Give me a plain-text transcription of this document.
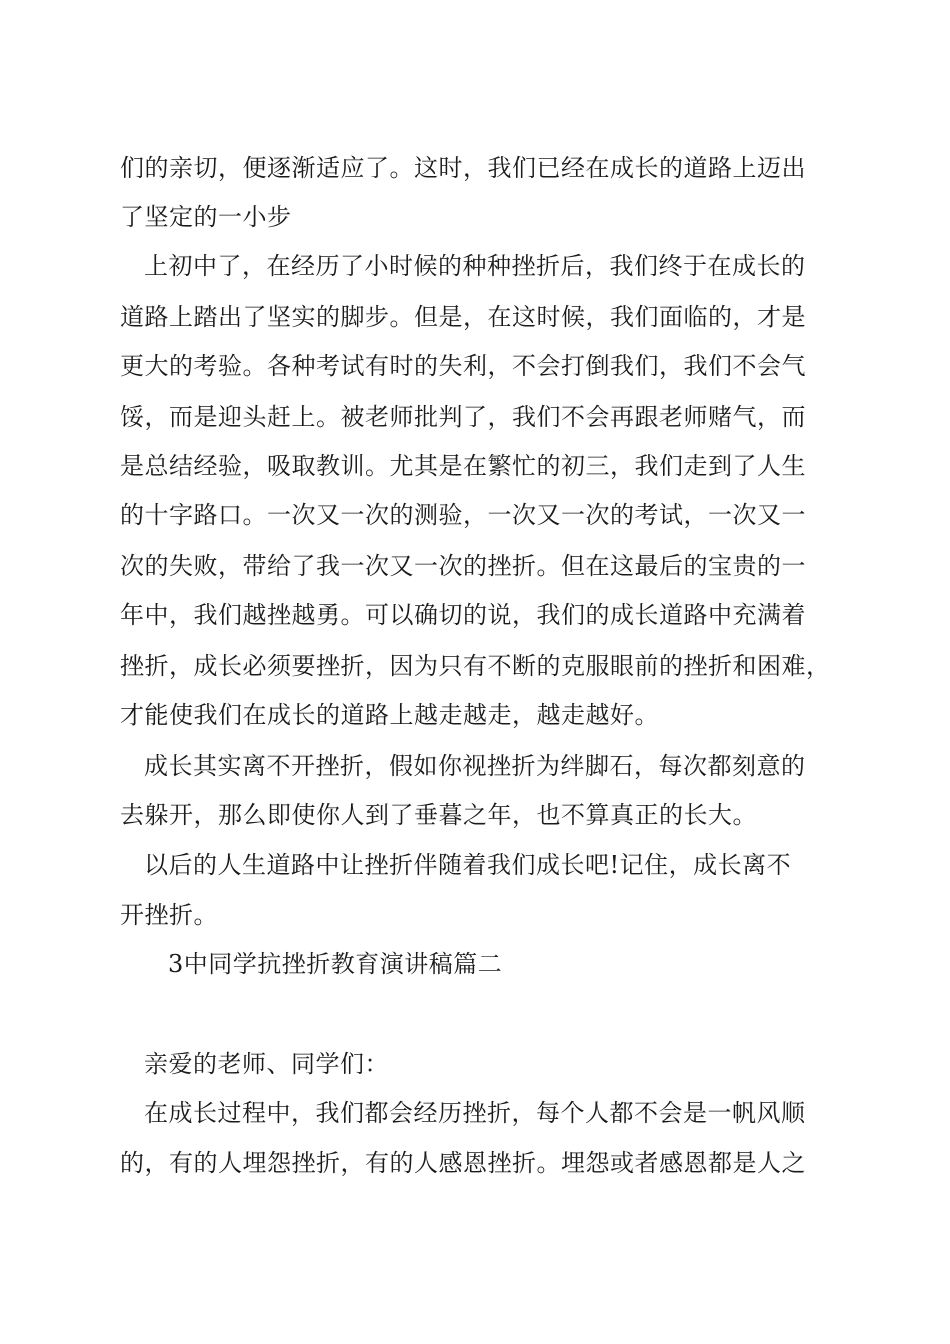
们的亲切，便逐渐适应了。这时，我们已经在成长的道路上迈出
了坚定的一小步
上初中了，在经历了小时候的种种挫折后，我们终于在成长的
道路上踏出了坚实的脚步。但是，在这时候，我们面临的，才是
更大的考验。各种考试有时的失利，不会打倒我们，我们不会气
馁，而是迎头赶上。被老师批判了，我们不会再跟老师赌气，而
是总结经验，吸取教训。尤其是在繁忙的初三，我们走到了人生
的十字路口。一次又一次的测验，一次又一次的考试，一次又一
次的失败，带给了我一次又一次的挫折。但在这最后的宝贵的一
年中，我们越挫越勇。可以确切的说，我们的成长道路中充满着
挫折，成长必须要挫折，因为只有不断的克服眼前的挫折和困难，
才能使我们在成长的道路上越走越走，越走越好。
成长其实离不开挫折，假如你视挫折为绊脚石，每次都刻意的
去躲开，那么即使你人到了垂暮之年，也不算真正的长大。
以后的人生道路中让挫折伴随着我们成长吧!记住，成长离不
开挫折。
3中同学抗挫折教育演讲稿篇二
亲爱的老师、同学们：
在成长过程中，我们都会经历挫折，每个人都不会是一帆风顺
的，有的人埋怨挫折，有的人感恩挫折。埋怨或者感恩都是人之
